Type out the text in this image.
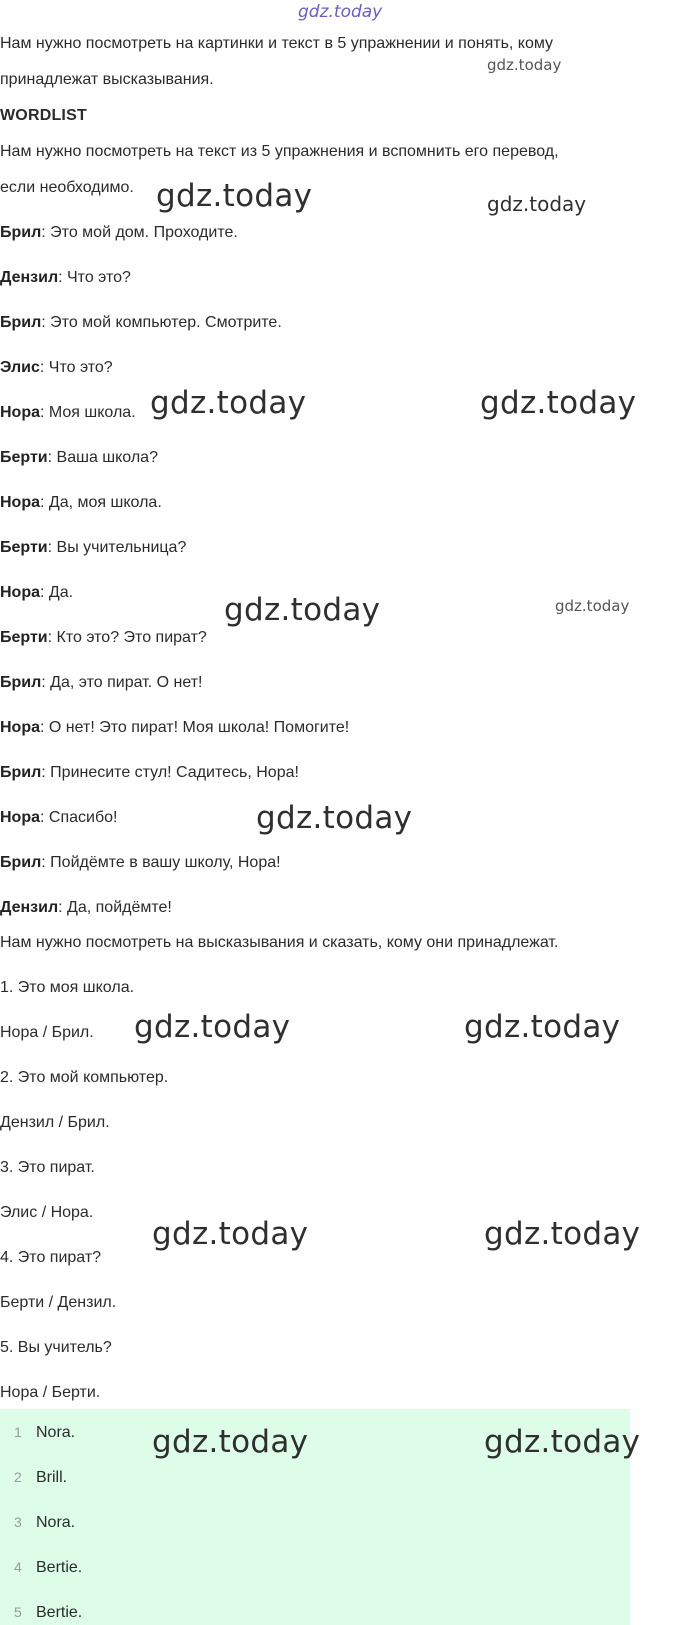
gdz.today
Нам нужно посмотреть на картинки и текст в 5 упражнении и понять, кому
принадлежат высказывания.
gdz.today
WORDLIST
Нам нужно посмотреть на текст из 5 упражнения и вспомнить его перевод,
если необходимо. gdz.today	gdz.today
Брил: Это мой дом. Проходите.
Дензил: Что это?
Брил: Это мой компьютер. Смотрите.
Элис: Что это?
Нора: Моя школа.
Берти: Ваша школа?
Нора: Да, моя школа.
Берти: Вы учительница?
Нора: Да.
Берти: Кто это? Это пират?
Брил: Да, это пират. О нет!
Нора: О нет! Это пират! Моя школа! Помогите!
Брил: Принесите стул! Садитесь, Нора!
Нора: Спасибо!
Брил: Пойдёмте в вашу школу, Нора!
Дензил: Да, пойдёмте!
gdz.today	gdz.today
gdz.today	gdz.today
gdz.today
Нам нужно посмотреть на высказывания и сказать, кому они принадлежат.
1. Это моя школа.
Нора / Брил.
2. Это мой компьютер.
Дензил / Брил.
3. Это пират.
Элис / Нора.
4. Это пират?
Берти / Дензил.
5. Вы учитель?
Нора / Берти.
gdz.today	gdz.today
gdz.today	gdz.today
1 Nora.
2 Brill.
3 Nora.
4 Bertie.
5 Bertie.
gdz.today	gdz.today
